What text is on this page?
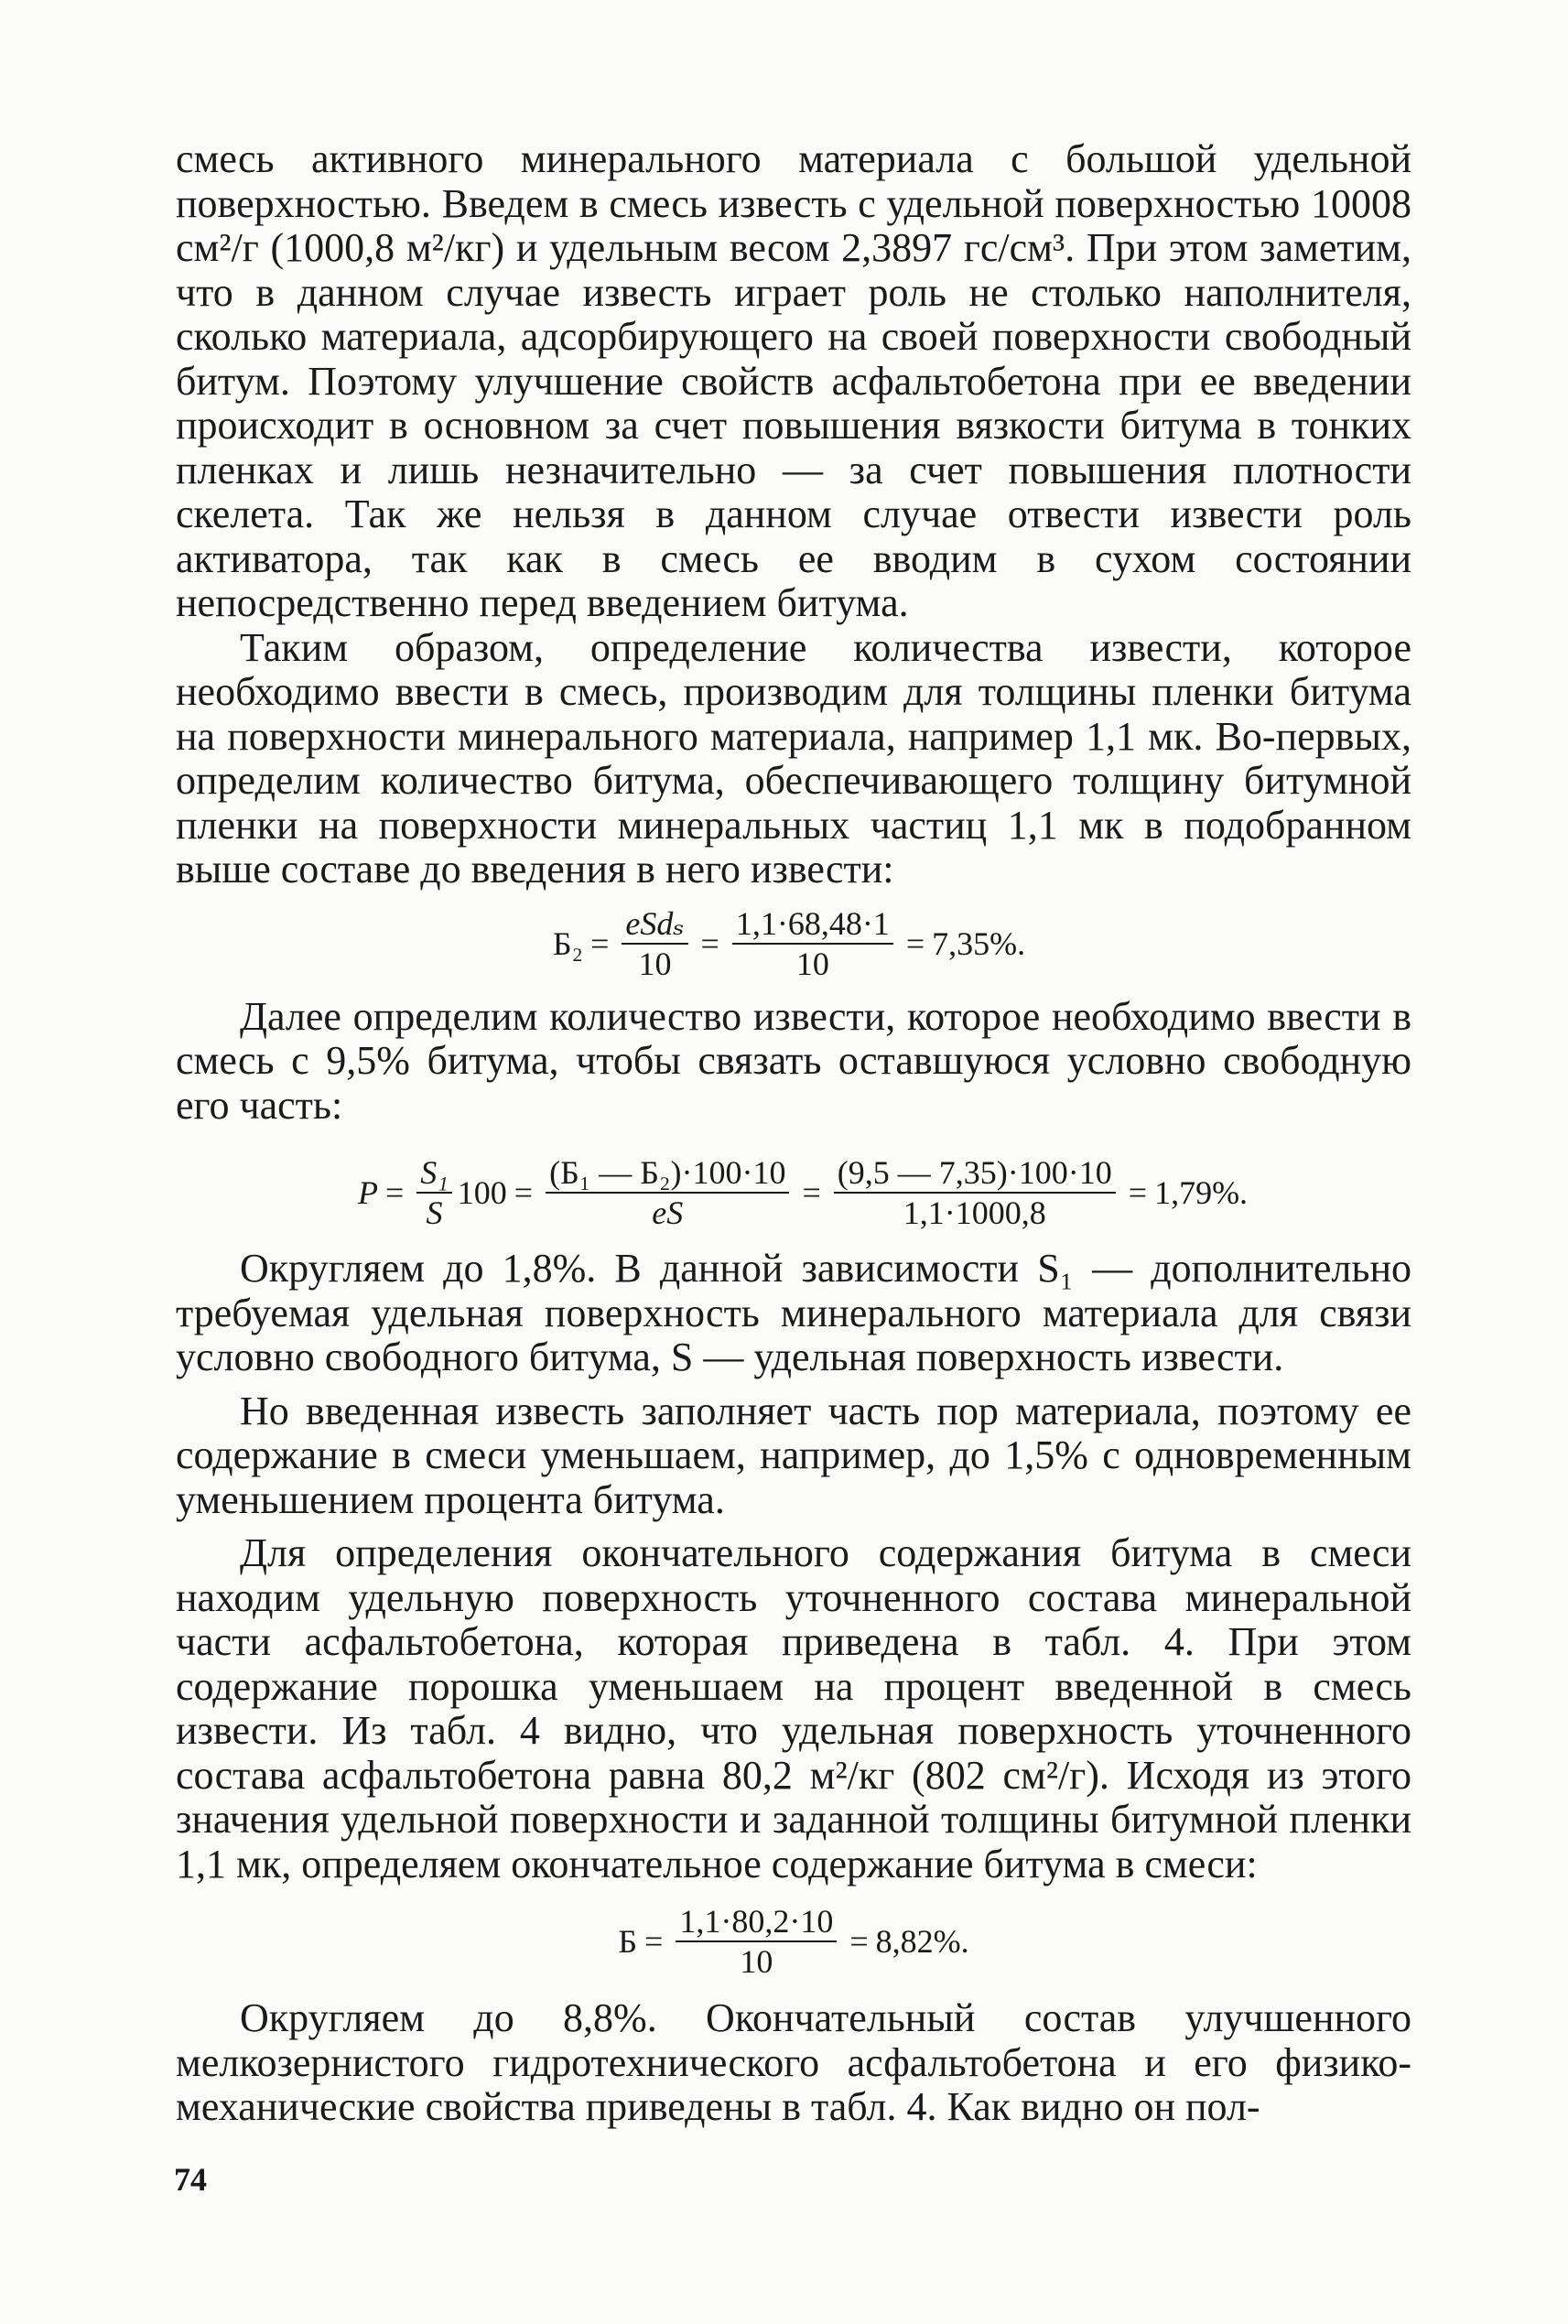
смесь активного минерального материала с большой удельной поверхностью. Введем в смесь известь с удельной поверхностью 10008 см²/г (1000,8 м²/кг) и удельным весом 2,3897 гс/см³. При этом заметим, что в данном случае известь играет роль не столько наполнителя, сколько материала, адсорбирующего на своей поверхности свободный битум. Поэтому улучшение свойств асфальтобетона при ее введении происходит в основном за счет повышения вязкости битума в тонких пленках и лишь незначительно — за счет повышения плотности скелета. Так же нельзя в данном случае отвести извести роль активатора, так как в смесь ее вводим в сухом состоянии непосредственно перед введением битума.

Таким образом, определение количества извести, которое необходимо ввести в смесь, производим для толщины пленки битума на поверхности минерального материала, например 1,1 мк. Во-первых, определим количество битума, обеспечивающего толщину битумной пленки на поверхности минеральных частиц 1,1 мк в подобранном выше составе до введения в него извести:

$Б_2 = \frac{\text{eSdₛ}}{10} = \frac{1,1\cdot 68,48\cdot 1}{10} = 7,35\%$.

Далее определим количество извести, которое необходимо ввести в смесь с 9,5% битума, чтобы связать оставшуюся условно свободную его часть:

$P = \frac{\text{S₁}}{S} 100 = \frac{\text{(Б₁ — Б₂)·100·10}}{eS} = \frac{(9,5 — 7,35)\cdot 100\cdot 10}{1,1\cdot 1000,8} = 1,79\%$.

Округляем до 1,8%. В данной зависимости S₁ — дополнительно требуемая удельная поверхность минерального материала для связи условно свободного битума, S — удельная поверхность извести.

Но введенная известь заполняет часть пор материала, поэтому ее содержание в смеси уменьшаем, например, до 1,5% с одновременным уменьшением процента битума.

Для определения окончательного содержания битума в смеси находим удельную поверхность уточненного состава минеральной части асфальтобетона, которая приведена в табл. 4. При этом содержание порошка уменьшаем на процент введенной в смесь извести. Из табл. 4 видно, что удельная поверхность уточненного состава асфальтобетона равна 80,2 м²/кг (802 см²/г). Исходя из этого значения удельной поверхности и заданной толщины битумной пленки 1,1 мк, определяем окончательное содержание битума в смеси:

$Б = \frac{1,1\cdot 80,2\cdot 10}{10} = 8,82\%$.

Округляем до 8,8%. Окончательный состав улучшенного мелкозернистого гидротехнического асфальтобетона и его физико-механические свойства приведены в табл. 4. Как видно он пол-

74
